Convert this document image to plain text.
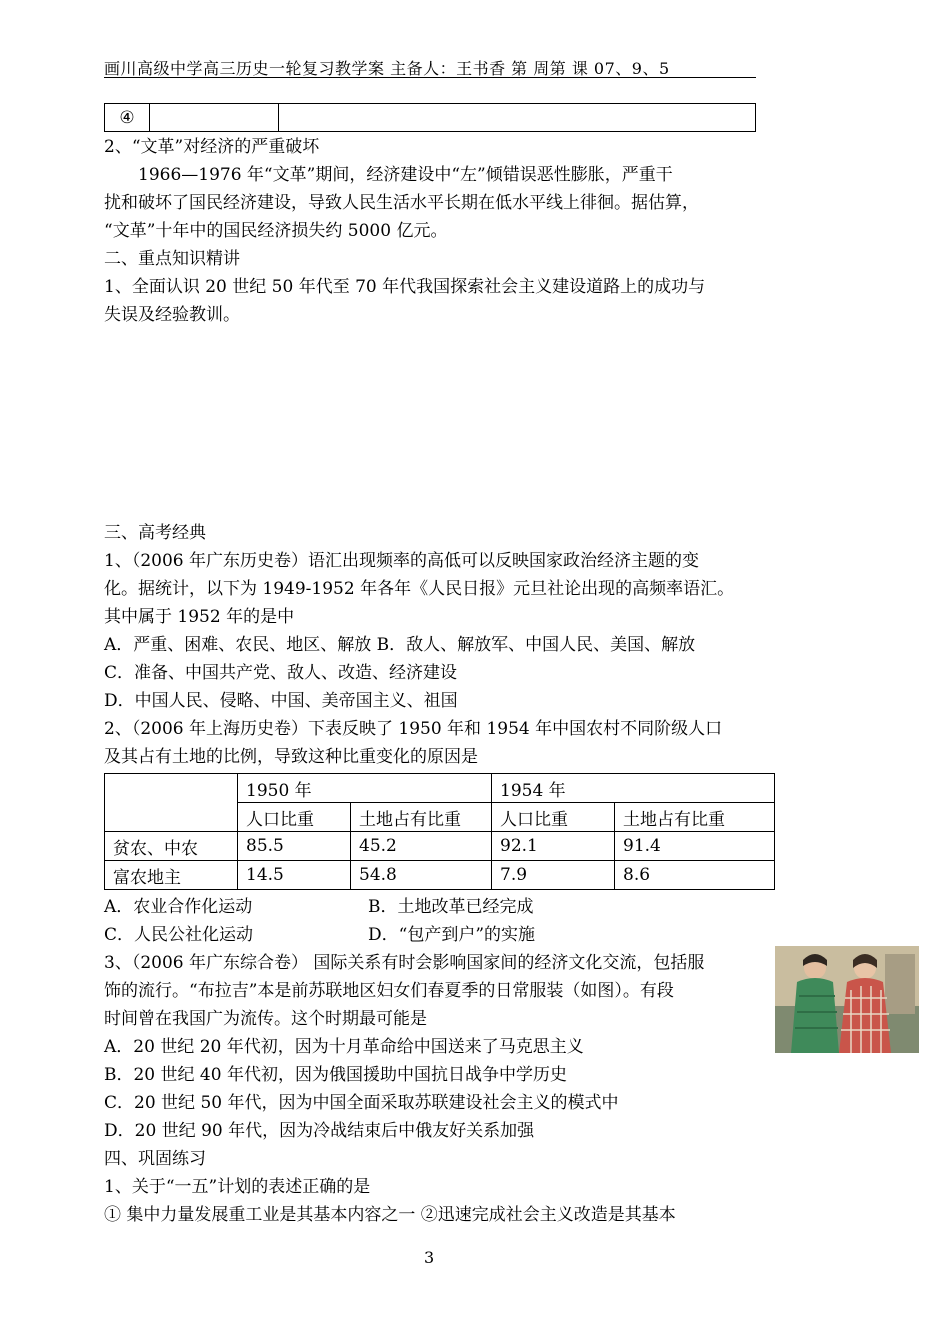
画川高级中学高三历史一轮复习教学案 主备人：王书香 第 周第 课 07、9、5
④		

2、“文革”对经济的严重破坏

1966—1976 年“文革”期间，经济建设中“左”倾错误恶性膨胀，严重干

扰和破坏了国民经济建设，导致人民生活水平长期在低水平线上徘徊。据估算，

“文革”十年中的国民经济损失约 5000 亿元。

二、重点知识精讲

1、全面认识 20 世纪 50 年代至 70 年代我国探索社会主义建设道路上的成功与

失误及经验教训。

三、高考经典

1、（2006 年广东历史卷）语汇出现频率的高低可以反映国家政治经济主题的变

化。据统计，以下为 1949-1952 年各年《人民日报》元旦社论出现的高频率语汇。

其中属于 1952 年的是中

A．严重、困难、农民、地区、解放 B．敌人、解放军、中国人民、美国、解放

C．准备、中国共产党、敌人、改造、经济建设

D．中国人民、侵略、中国、美帝国主义、祖国

2、（2006 年上海历史卷）下表反映了 1950 年和 1954 年中国农村不同阶级人口

及其占有土地的比例，导致这种比重变化的原因是

	1950 年		1954 年	
	人口比重	土地占有比重	人口比重	土地占有比重
贫农、中农	85.5	45.2	92.1	91.4
富农地主	14.5	54.8	7.9	8.6
A．农业合作化运动	B．土地改革已经完成
C．人民公社化运动	D．“包产到户”的实施

3、（2006 年广东综合卷） 国际关系有时会影响国家间的经济文化交流，包括服

饰的流行。“布拉吉”本是前苏联地区妇女们春夏季的日常服装（如图）。有段

时间曾在我国广为流传。这个时期最可能是

A．20 世纪 20 年代初，因为十月革命给中国送来了马克思主义

B．20 世纪 40 年代初，因为俄国援助中国抗日战争中学历史

C．20 世纪 50 年代，因为中国全面采取苏联建设社会主义的模式中

D．20 世纪 90 年代，因为冷战结束后中俄友好关系加强

四、巩固练习

1、关于“一五”计划的表述正确的是

① 集中力量发展重工业是其基本内容之一 ②迅速完成社会主义改造是其基本

3
